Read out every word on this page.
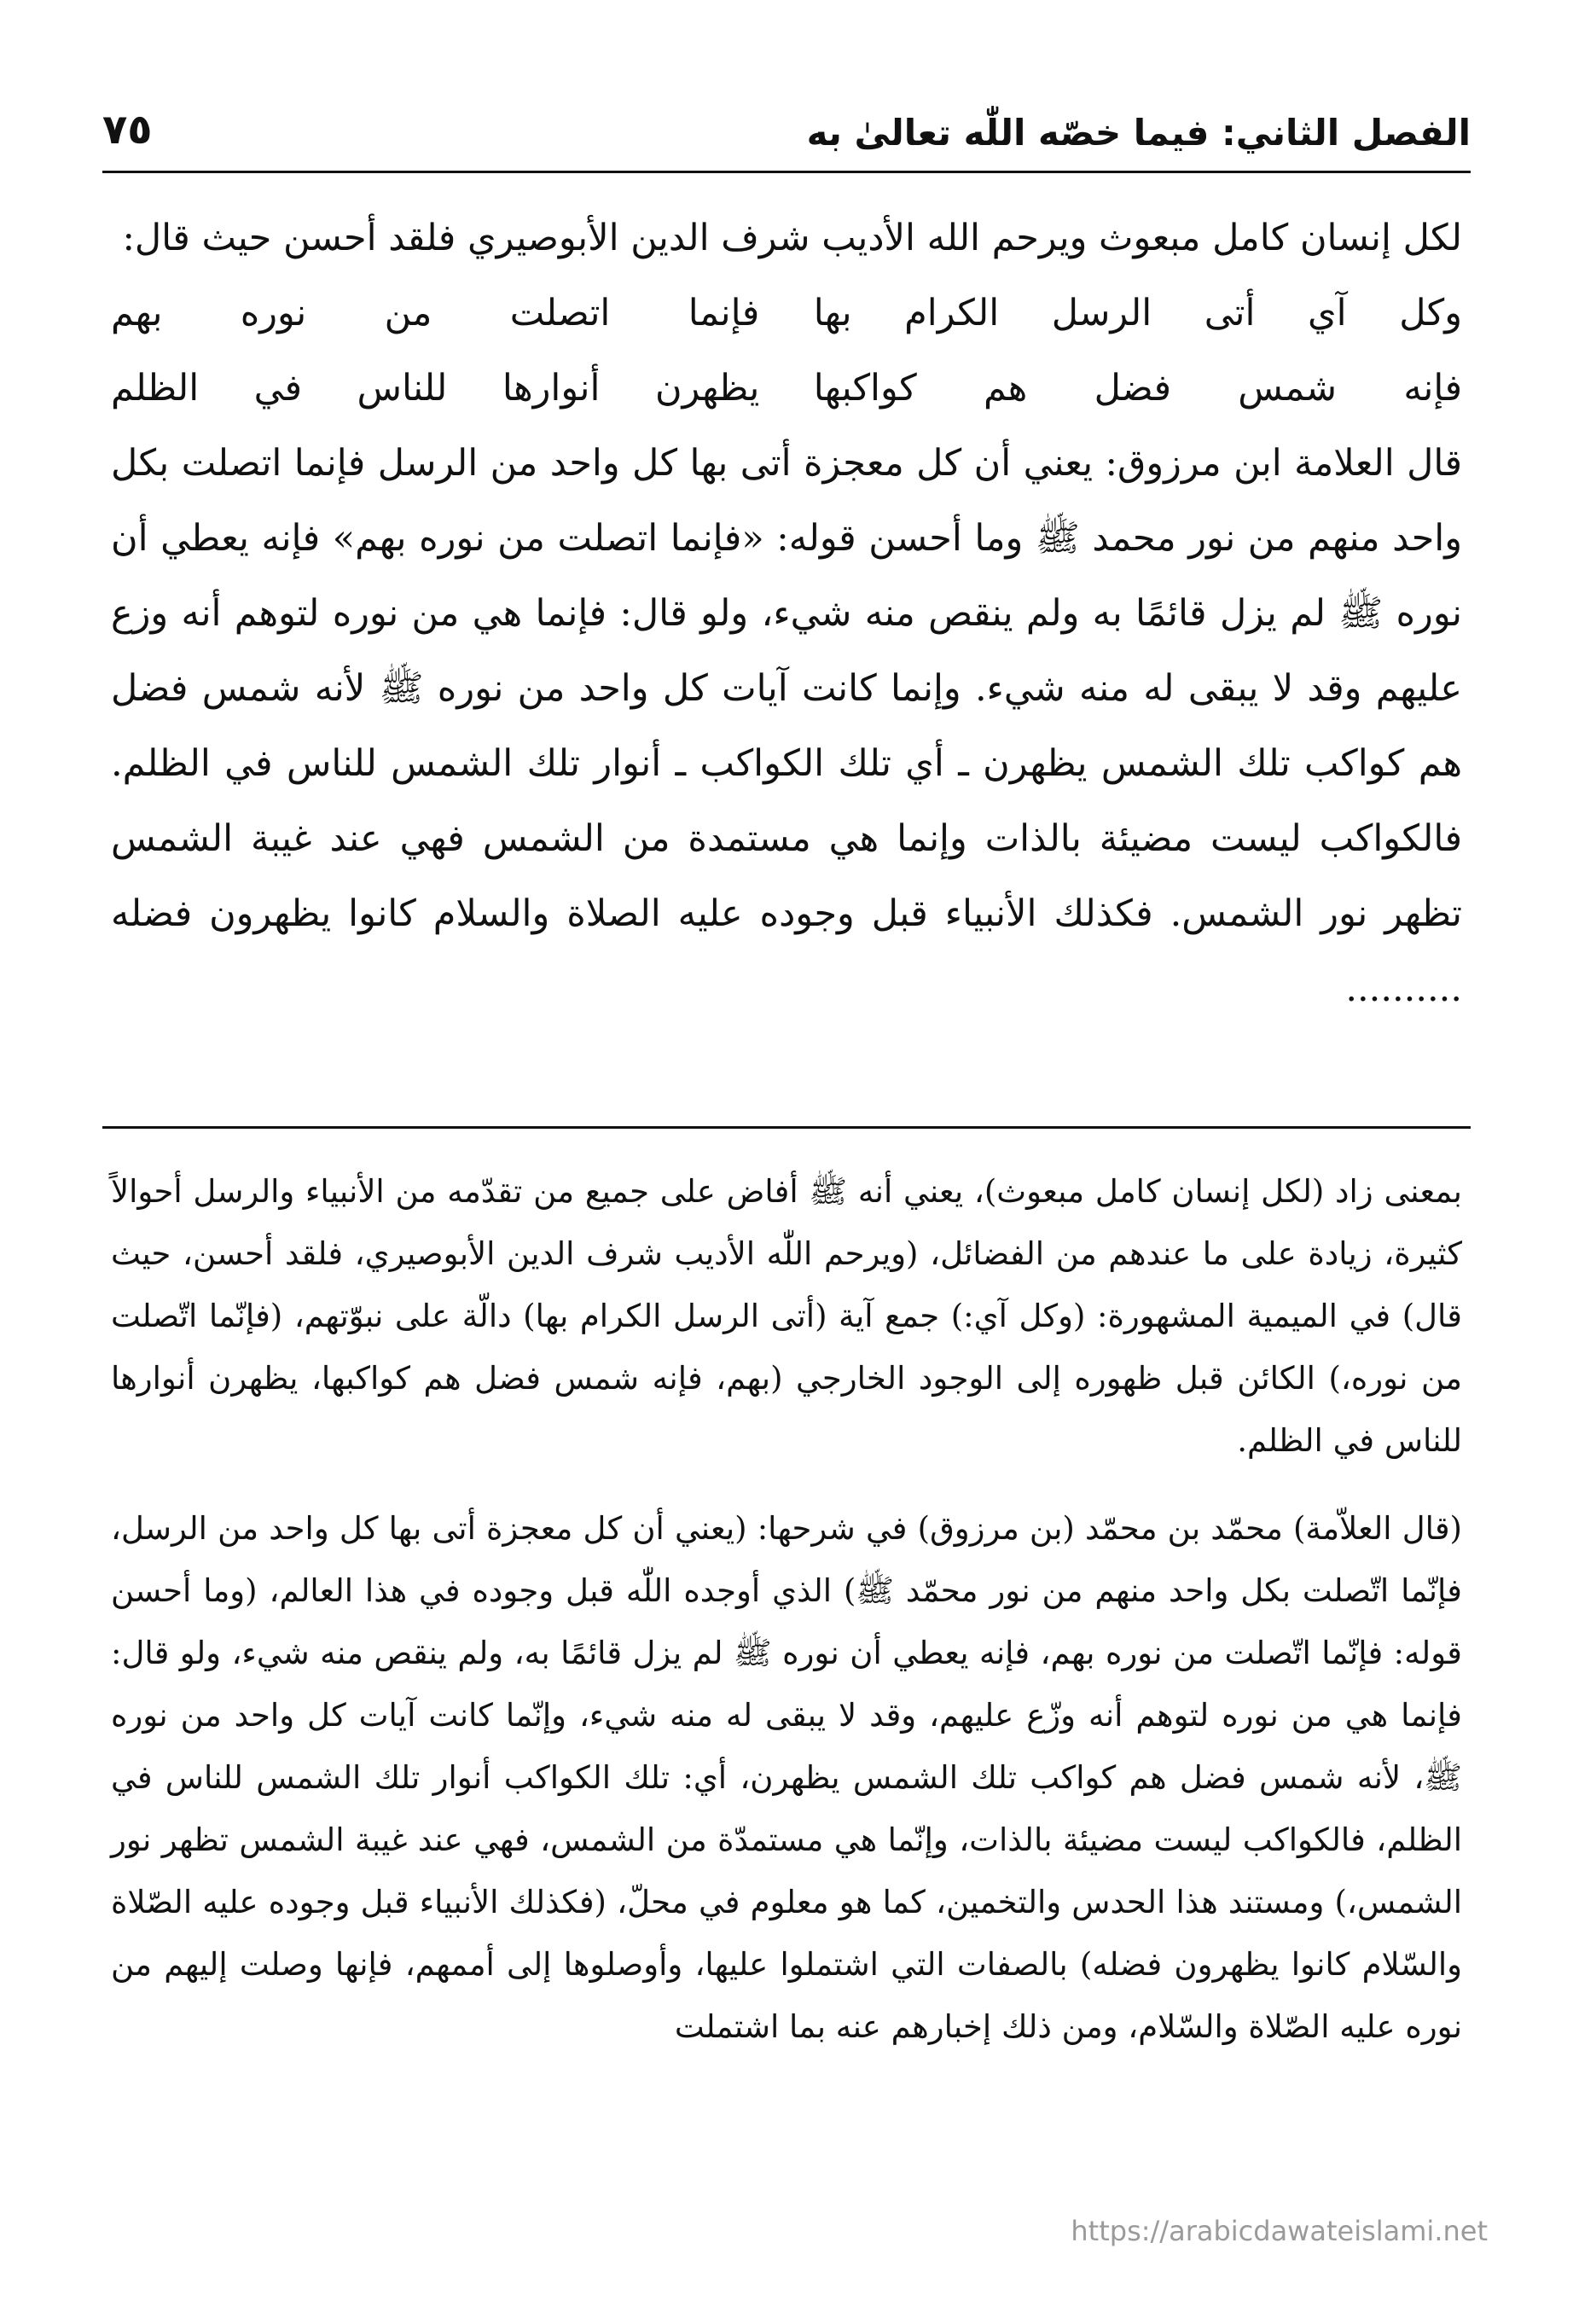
الفصل الثاني: فيما خصّه اللّٰه تعالىٰ به
٧٥

لكل إنسان كامل مبعوث ويرحم الله الأديب شرف الدين الأبوصيري فلقد أحسن حيث قال:

وكل آي أتى الرسل الكرام بها
فإنما اتصلت من نوره بهم
فإنه شمس فضل هم كواكبها
يظهرن أنوارها للناس في الظلم

قال العلامة ابن مرزوق: يعني أن كل معجزة أتى بها كل واحد من الرسل فإنما اتصلت بكل واحد منهم من نور محمد ﷺ وما أحسن قوله: «فإنما اتصلت من نوره بهم» فإنه يعطي أن نوره ﷺ لم يزل قائمًا به ولم ينقص منه شيء، ولو قال: فإنما هي من نوره لتوهم أنه وزع عليهم وقد لا يبقى له منه شيء. وإنما كانت آيات كل واحد من نوره ﷺ لأنه شمس فضل هم كواكب تلك الشمس يظهرن ـ أي تلك الكواكب ـ أنوار تلك الشمس للناس في الظلم. فالكواكب ليست مضيئة بالذات وإنما هي مستمدة من الشمس فهي عند غيبة الشمس تظهر نور الشمس. فكذلك الأنبياء قبل وجوده عليه الصلاة والسلام كانوا يظهرون فضله ..........

بمعنى زاد (لكل إنسان كامل مبعوث)، يعني أنه ﷺ أفاض على جميع من تقدّمه من الأنبياء والرسل أحوالاً كثيرة، زيادة على ما عندهم من الفضائل، (ويرحم اللّٰه الأديب شرف الدين الأبوصيري، فلقد أحسن، حيث قال) في الميمية المشهورة: (وكل آي:) جمع آية (أتى الرسل الكرام بها) دالّة على نبوّتهم، (فإنّما اتّصلت من نوره،) الكائن قبل ظهوره إلى الوجود الخارجي (بهم، فإنه شمس فضل هم كواكبها، يظهرن أنوارها للناس في الظلم.

(قال العلاّمة) محمّد بن محمّد (بن مرزوق) في شرحها: (يعني أن كل معجزة أتى بها كل واحد من الرسل، فإنّما اتّصلت بكل واحد منهم من نور محمّد ﷺ) الذي أوجده اللّٰه قبل وجوده في هذا العالم، (وما أحسن قوله: فإنّما اتّصلت من نوره بهم، فإنه يعطي أن نوره ﷺ لم يزل قائمًا به، ولم ينقص منه شيء، ولو قال: فإنما هي من نوره لتوهم أنه وزّع عليهم، وقد لا يبقى له منه شيء، وإنّما كانت آيات كل واحد من نوره ﷺ، لأنه شمس فضل هم كواكب تلك الشمس يظهرن، أي: تلك الكواكب أنوار تلك الشمس للناس في الظلم، فالكواكب ليست مضيئة بالذات، وإنّما هي مستمدّة من الشمس، فهي عند غيبة الشمس تظهر نور الشمس،) ومستند هذا الحدس والتخمين، كما هو معلوم في محلّ، (فكذلك الأنبياء قبل وجوده عليه الصّلاة والسّلام كانوا يظهرون فضله) بالصفات التي اشتملوا عليها، وأوصلوها إلى أممهم، فإنها وصلت إليهم من نوره عليه الصّلاة والسّلام، ومن ذلك إخبارهم عنه بما اشتملت

https://arabicdawateislami.net
